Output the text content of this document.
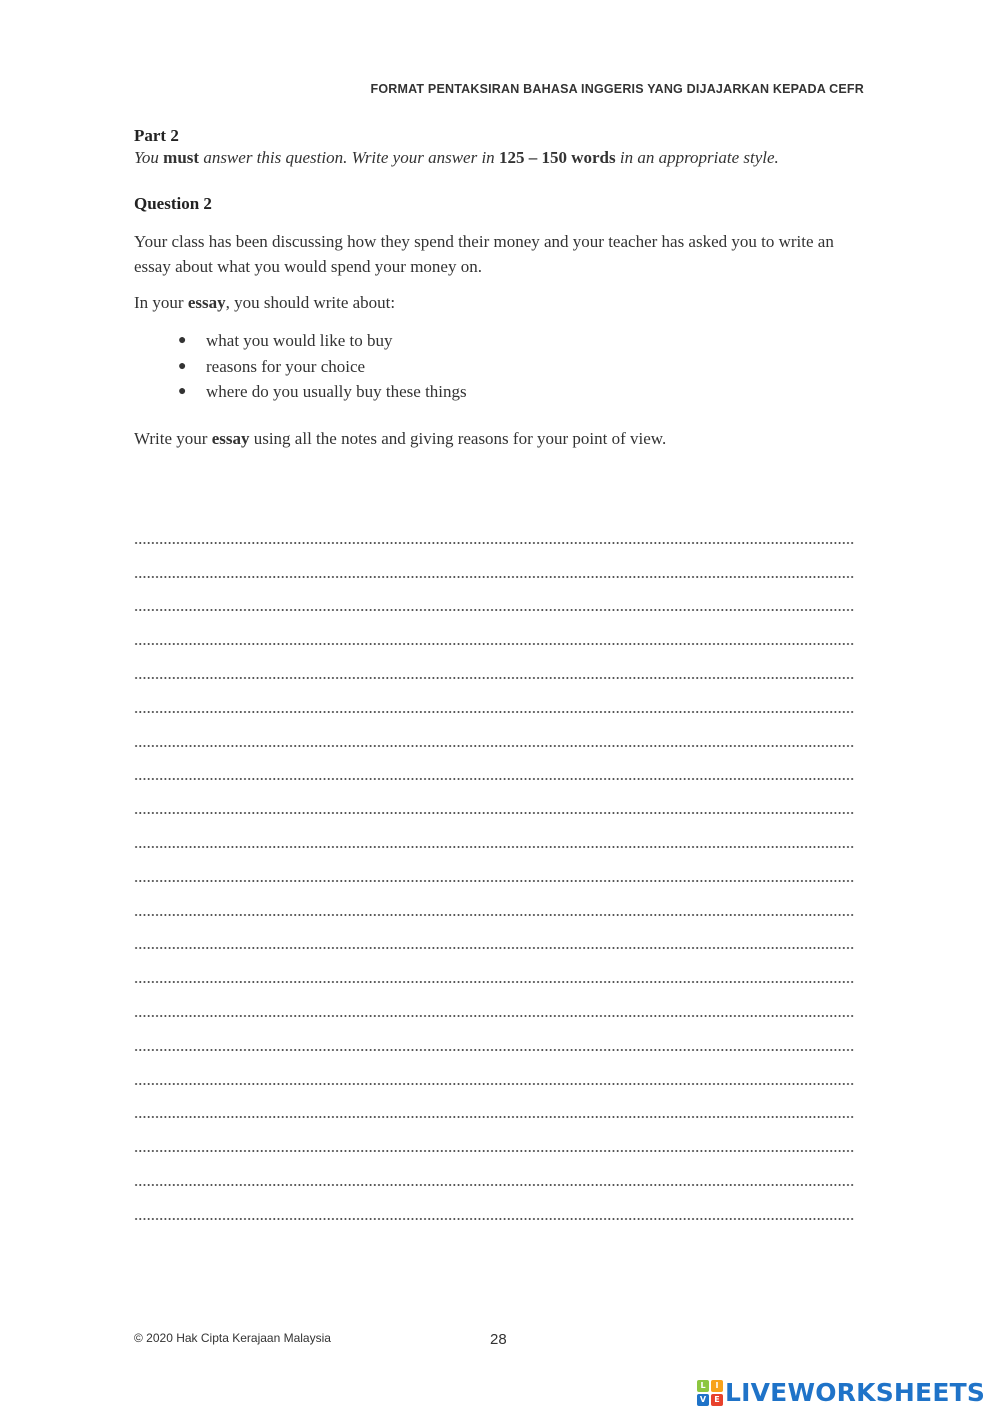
FORMAT PENTAKSIRAN BAHASA INGGERIS YANG DIJAJARKAN KEPADA CEFR
Part 2
You must answer this question. Write your answer in 125 – 150 words in an appropriate style.
Question 2

Your class has been discussing how they spend their money and your teacher has asked you to write an essay about what you would spend your money on.

In your essay, you should write about:

● what you would like to buy
● reasons for your choice
● where do you usually buy these things

Write your essay using all the notes and giving reasons for your point of view.

© 2020 Hak Cipta Kerajaan Malaysia	28
L	I
V	E LIVEWORKSHEETS
